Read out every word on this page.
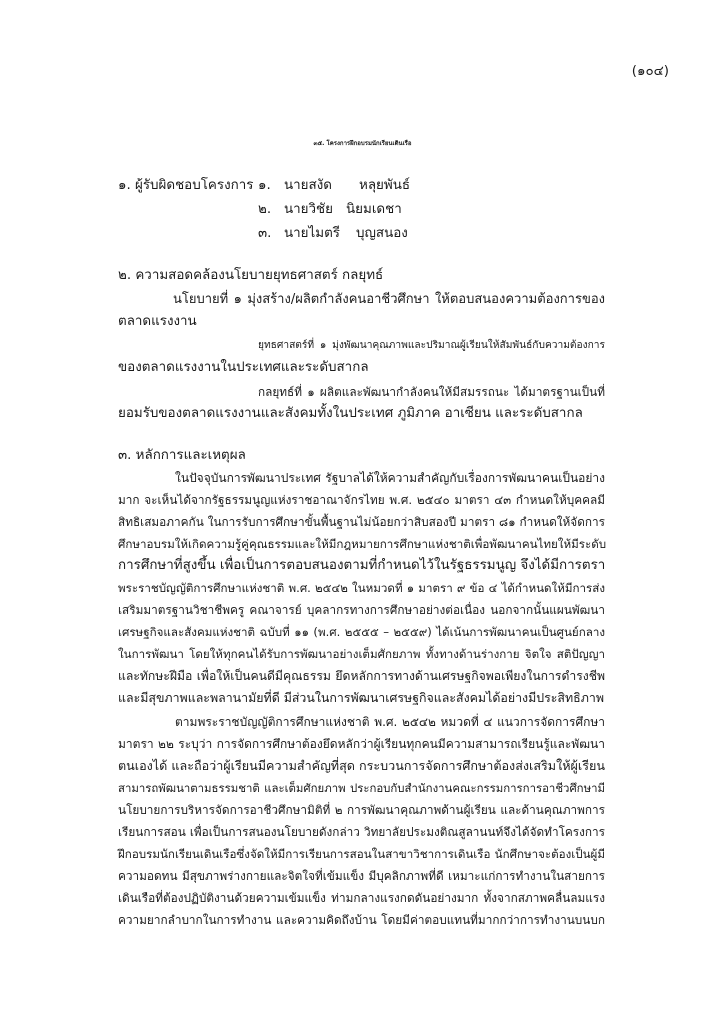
(๑๐๔)
๓๕. โครงการฝึกอบรมนักเรียนเดินเรือ
๑. ผู้รับผิดชอบโครงการ ๑. นายสงัด หลุยพันธ์
๒. นายวิชัย นิยมเดชา
๓. นายไมตรี บุญสนอง
๒. ความสอดคล้องนโยบายยุทธศาสตร์ กลยุทธ์
นโยบายที่ ๑ มุ่งสร้าง/ผลิตกำลังคนอาชีวศึกษา ให้ตอบสนองความต้องการของ
ตลาดแรงงาน
ยุทธศาสตร์ที่ ๑ มุ่งพัฒนาคุณภาพและปริมาณผู้เรียนให้สัมพันธ์กับความต้องการ
ของตลาดแรงงานในประเทศและระดับสากล
กลยุทธ์ที่ ๑ ผลิตและพัฒนากำลังคนให้มีสมรรถนะ ได้มาตรฐานเป็นที่
ยอมรับของตลาดแรงงานและสังคมทั้งในประเทศ ภูมิภาค อาเซียน และระดับสากล
๓. หลักการและเหตุผล
ในปัจจุบันการพัฒนาประเทศ รัฐบาลได้ให้ความสำคัญกับเรื่องการพัฒนาคนเป็นอย่าง
มาก จะเห็นได้จากรัฐธรรมนูญแห่งราชอาณาจักรไทย พ.ศ. ๒๕๔๐ มาตรา ๔๓ กำหนดให้บุคคลมี
สิทธิเสมอภาคกัน ในการรับการศึกษาขั้นพื้นฐานไม่น้อยกว่าสิบสองปี มาตรา ๘๑ กำหนดให้จัดการ
ศึกษาอบรมให้เกิดความรู้คู่คุณธรรมและให้มีกฎหมายการศึกษาแห่งชาติเพื่อพัฒนาคนไทยให้มีระดับ
การศึกษาที่สูงขึ้น เพื่อเป็นการตอบสนองตามที่กำหนดไว้ในรัฐธรรมนูญ จึงได้มีการตรา
พระราชบัญญัติการศึกษาแห่งชาติ พ.ศ. ๒๕๔๒ ในหมวดที่ ๑ มาตรา ๙ ข้อ ๔ ได้กำหนดให้มีการส่ง
เสริมมาตรฐานวิชาชีพครู คณาจารย์ บุคลากรทางการศึกษาอย่างต่อเนื่อง นอกจากนั้นแผนพัฒนา
เศรษฐกิจและสังคมแห่งชาติ ฉบับที่ ๑๑ (พ.ศ. ๒๕๕๕ – ๒๕๕๙) ได้เน้นการพัฒนาคนเป็นศูนย์กลาง
ในการพัฒนา โดยให้ทุกคนได้รับการพัฒนาอย่างเต็มศักยภาพ ทั้งทางด้านร่างกาย จิตใจ สติปัญญา
และทักษะฝีมือ เพื่อให้เป็นคนดีมีคุณธรรม ยึดหลักการทางด้านเศรษฐกิจพอเพียงในการดำรงชีพ
และมีสุขภาพและพลานามัยที่ดี มีส่วนในการพัฒนาเศรษฐกิจและสังคมได้อย่างมีประสิทธิภาพ
ตามพระราชบัญญัติการศึกษาแห่งชาติ พ.ศ. ๒๕๔๒ หมวดที่ ๔ แนวการจัดการศึกษา
มาตรา ๒๒ ระบุว่า การจัดการศึกษาต้องยึดหลักว่าผู้เรียนทุกคนมีความสามารถเรียนรู้และพัฒนา
ตนเองได้ และถือว่าผู้เรียนมีความสำคัญที่สุด กระบวนการจัดการศึกษาต้องส่งเสริมให้ผู้เรียน
สามารถพัฒนาตามธรรมชาติ และเต็มศักยภาพ ประกอบกับสำนักงานคณะกรรมการการอาชีวศึกษามี
นโยบายการบริหารจัดการอาชีวศึกษามิติที่ ๒ การพัฒนาคุณภาพด้านผู้เรียน และด้านคุณภาพการ
เรียนการสอน เพื่อเป็นการสนองนโยบายดังกล่าว วิทยาลัยประมงติณสูลานนท์จึงได้จัดทำโครงการ
ฝึกอบรมนักเรียนเดินเรือซึ่งจัดให้มีการเรียนการสอนในสาขาวิชาการเดินเรือ นักศึกษาจะต้องเป็นผู้มี
ความอดทน มีสุขภาพร่างกายและจิตใจที่เข้มแข็ง มีบุคลิกภาพที่ดี เหมาะแก่การทำงานในสายการ
เดินเรือที่ต้องปฏิบัติงานด้วยความเข้มแข็ง ท่ามกลางแรงกดดันอย่างมาก ทั้งจากสภาพคลื่นลมแรง
ความยากลำบากในการทำงาน และความคิดถึงบ้าน โดยมีค่าตอบแทนที่มากกว่าการทำงานบนบก
